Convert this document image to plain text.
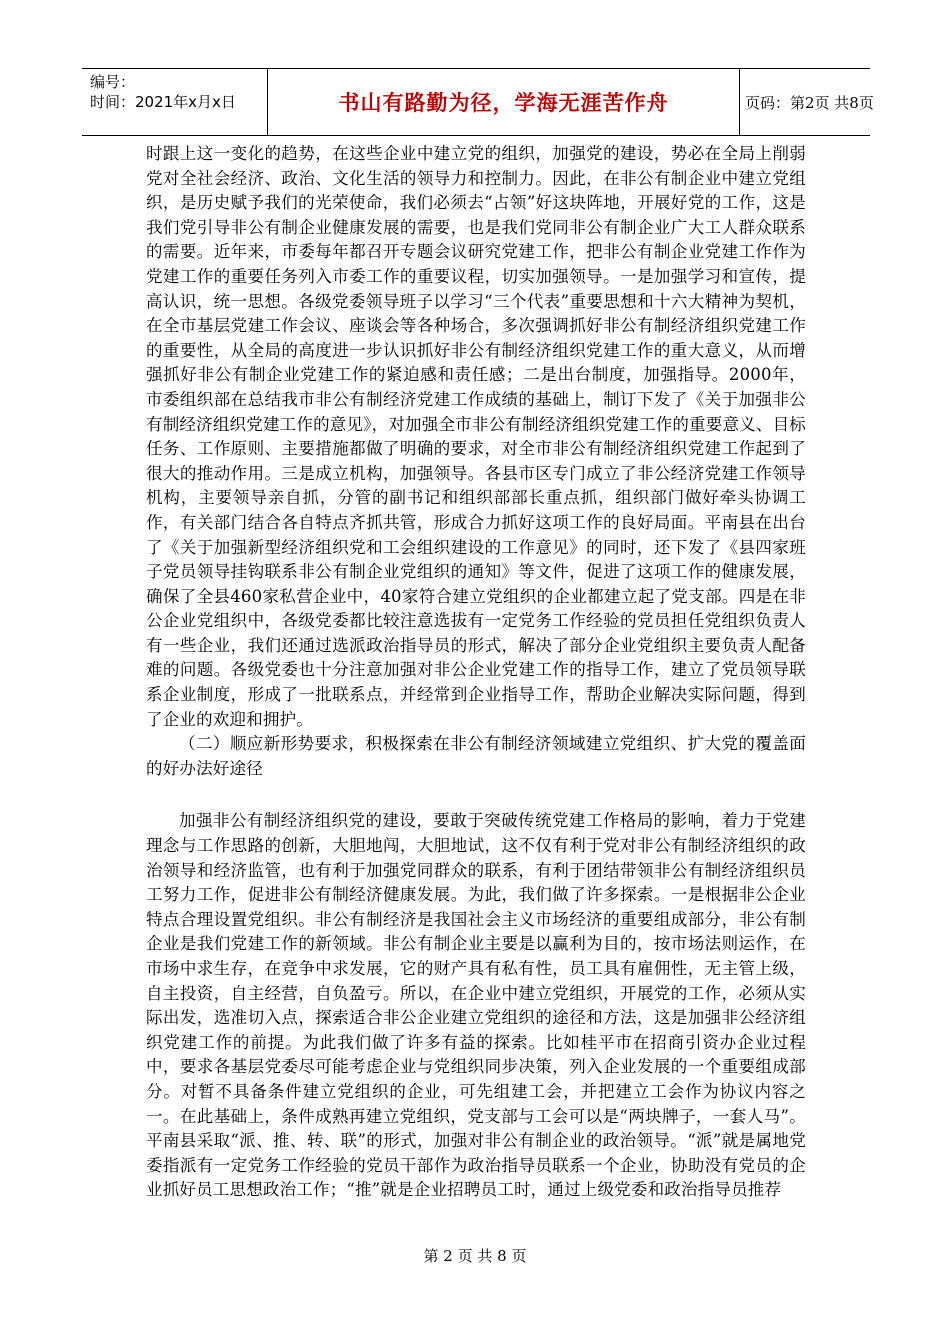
编号：
时间：2021年x月x日	书山有路勤为径，学海无涯苦作舟	页码：第2页 共8页

时跟上这一变化的趋势，在这些企业中建立党的组织，加强党的建设，势必在全局上削弱党对全社会经济、政治、文化生活的领导力和控制力。因此，在非公有制企业中建立党组织，是历史赋予我们的光荣使命，我们必须去“占领”好这块阵地，开展好党的工作，这是我们党引导非公有制企业健康发展的需要，也是我们党同非公有制企业广大工人群众联系的需要。近年来，市委每年都召开专题会议研究党建工作，把非公有制企业党建工作作为党建工作的重要任务列入市委工作的重要议程，切实加强领导。一是加强学习和宣传，提高认识，统一思想。各级党委领导班子以学习“三个代表”重要思想和十六大精神为契机，在全市基层党建工作会议、座谈会等各种场合，多次强调抓好非公有制经济组织党建工作的重要性，从全局的高度进一步认识抓好非公有制经济组织党建工作的重大意义，从而增强抓好非公有制企业党建工作的紧迫感和责任感；二是出台制度，加强指导。2000年，市委组织部在总结我市非公有制经济党建工作成绩的基础上，制订下发了《关于加强非公有制经济组织党建工作的意见》，对加强全市非公有制经济组织党建工作的重要意义、目标任务、工作原则、主要措施都做了明确的要求，对全市非公有制经济组织党建工作起到了很大的推动作用。三是成立机构，加强领导。各县市区专门成立了非公经济党建工作领导机构，主要领导亲自抓，分管的副书记和组织部部长重点抓，组织部门做好牵头协调工作，有关部门结合各自特点齐抓共管，形成合力抓好这项工作的良好局面。平南县在出台了《关于加强新型经济组织党和工会组织建设的工作意见》的同时，还下发了《县四家班子党员领导挂钩联系非公有制企业党组织的通知》等文件，促进了这项工作的健康发展，确保了全县460家私营企业中，40家符合建立党组织的企业都建立起了党支部。四是在非公企业党组织中，各级党委都比较注意选拔有一定党务工作经验的党员担任党组织负责人有一些企业，我们还通过选派政治指导员的形式，解决了部分企业党组织主要负责人配备难的问题。各级党委也十分注意加强对非公企业党建工作的指导工作，建立了党员领导联系企业制度，形成了一批联系点，并经常到企业指导工作，帮助企业解决实际问题，得到了企业的欢迎和拥护。

（二）顺应新形势要求，积极探索在非公有制经济领域建立党组织、扩大党的覆盖面的好办法好途径

加强非公有制经济组织党的建设，要敢于突破传统党建工作格局的影响，着力于党建理念与工作思路的创新，大胆地闯，大胆地试，这不仅有利于党对非公有制经济组织的政治领导和经济监管，也有利于加强党同群众的联系，有利于团结带领非公有制经济组织员工努力工作，促进非公有制经济健康发展。为此，我们做了许多探索。一是根据非公企业特点合理设置党组织。非公有制经济是我国社会主义市场经济的重要组成部分，非公有制企业是我们党建工作的新领域。非公有制企业主要是以赢利为目的，按市场法则运作，在市场中求生存，在竞争中求发展，它的财产具有私有性，员工具有雇佣性，无主管上级，自主投资，自主经营，自负盈亏。所以，在企业中建立党组织，开展党的工作，必须从实际出发，选准切入点，探索适合非公企业建立党组织的途径和方法，这是加强非公经济组织党建工作的前提。为此我们做了许多有益的探索。比如桂平市在招商引资办企业过程中，要求各基层党委尽可能考虑企业与党组织同步决策，列入企业发展的一个重要组成部分。对暂不具备条件建立党组织的企业，可先组建工会，并把建立工会作为协议内容之一。在此基础上，条件成熟再建立党组织，党支部与工会可以是“两块牌子，一套人马”。平南县采取“派、推、转、联”的形式，加强对非公有制企业的政治领导。“派”就是属地党委指派有一定党务工作经验的党员干部作为政治指导员联系一个企业，协助没有党员的企业抓好员工思想政治工作；“推”就是企业招聘员工时，通过上级党委和政治指导员推荐

第 2 页 共 8 页
